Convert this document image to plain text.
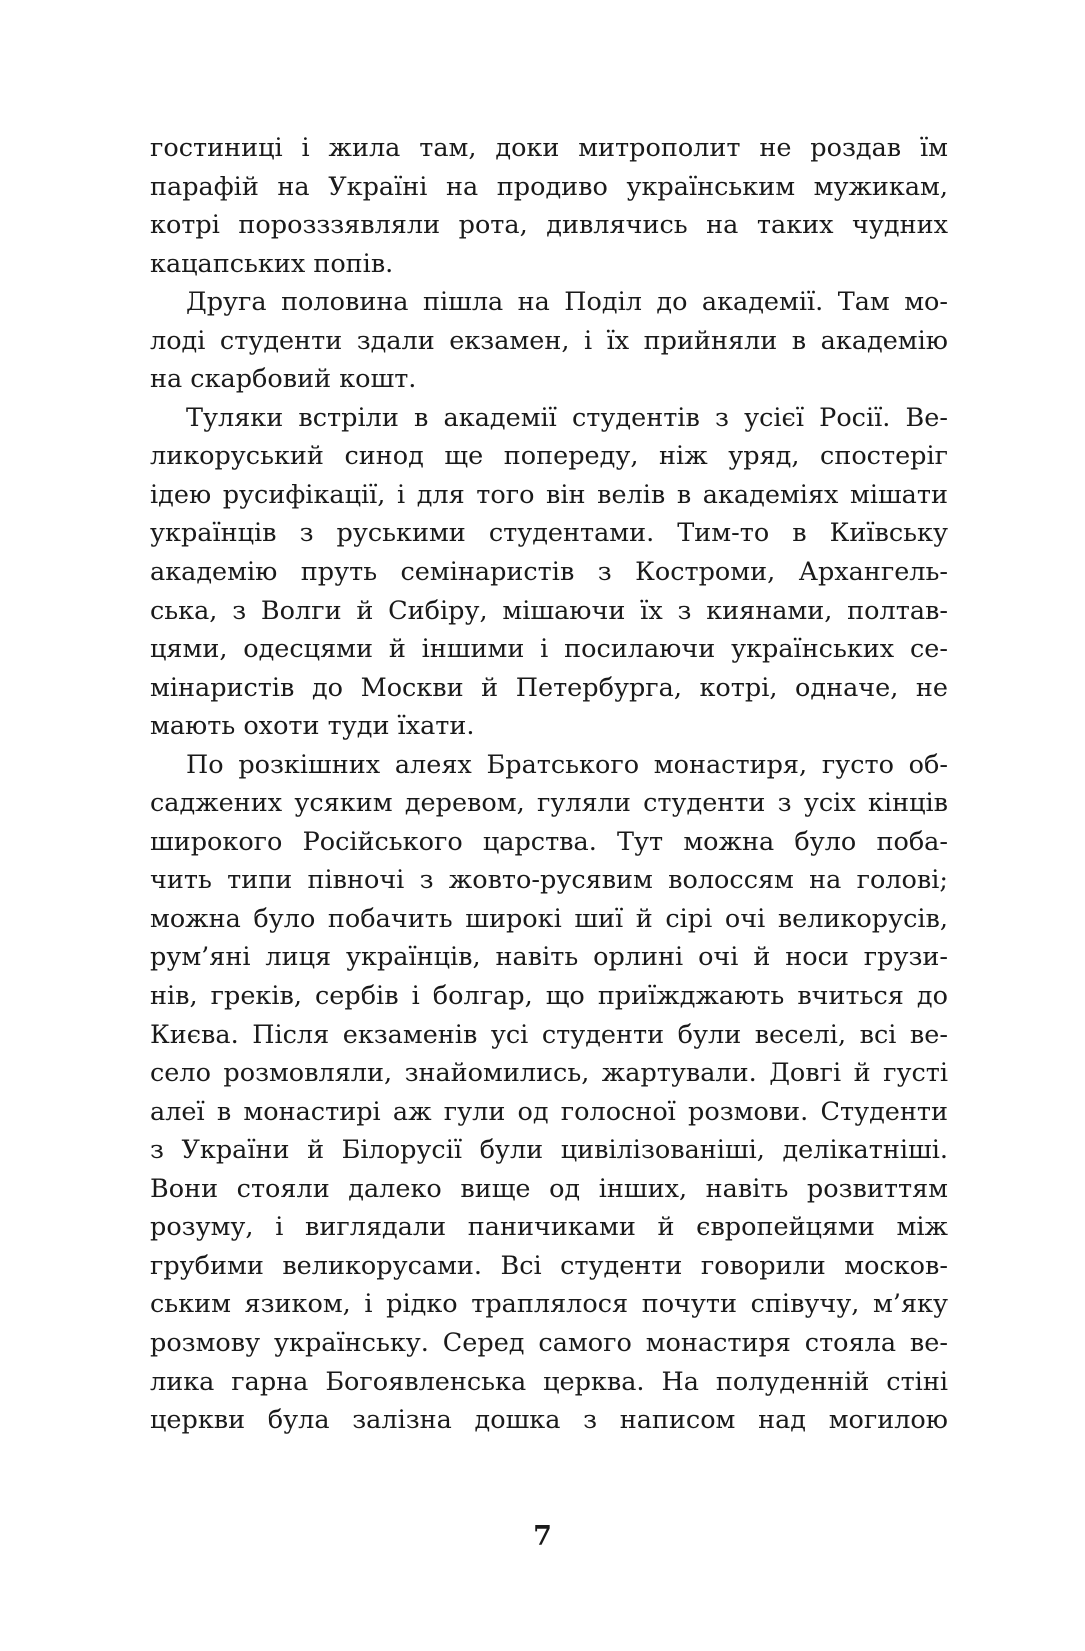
гостиниці і жила там, доки митрополит не роздав їм
парафій на Україні на продиво українським мужикам,
котрі порозззявляли рота, дивлячись на таких чудних
кацапських попів.
Друга половина пішла на Поділ до академії. Там мо-
лоді студенти здали екзамен, і їх прийняли в академію
на скарбовий кошт.
Туляки встріли в академії студентів з усієї Росії. Ве-
ликоруський синод ще попереду, ніж уряд, спостеріг
ідею русифікації, і для того він велів в академіях мішати
українців з руськими студентами. Тим-то в Київську
академію пруть семінаристів з Костроми, Архангель-
ська, з Волги й Сибіру, мішаючи їх з киянами, полтав-
цями, одесцями й іншими і посилаючи українських се-
мінаристів до Москви й Петербурга, котрі, одначе, не
мають охоти туди їхати.
По розкішних алеях Братського монастиря, густо об-
саджених усяким деревом, гуляли студенти з усіх кінців
широкого Російського царства. Тут можна було поба-
чить типи півночі з жовто-русявим волоссям на голові;
можна було побачить широкі шиї й сірі очі великорусів,
рум’яні лиця українців, навіть орлині очі й носи грузи-
нів, греків, сербів і болгар, що приїжджають вчиться до
Києва. Після екзаменів усі студенти були веселі, всі ве-
село розмовляли, знайомились, жартували. Довгі й густі
алеї в монастирі аж гули од голосної розмови. Студенти
з України й Білорусії були цивілізованіші, делікатніші.
Вони стояли далеко вище од інших, навіть розвиттям
розуму, і виглядали паничиками й європейцями між
грубими великорусами. Всі студенти говорили москов-
ським язиком, і рідко траплялося почути співучу, м’яку
розмову українську. Серед самого монастиря стояла ве-
лика гарна Богоявленська церква. На полуденній стіні
церкви була залізна дошка з написом над могилою
7
